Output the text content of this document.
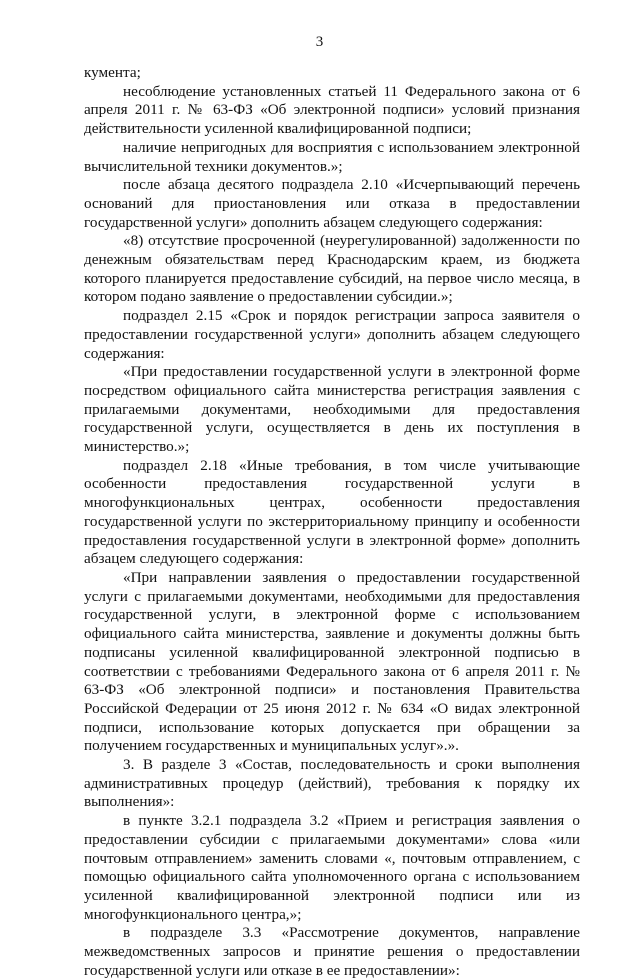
3

кумента;

несоблюдение установленных статьей 11 Федерального закона от 6 апреля 2011 г. № 63-ФЗ «Об электронной подписи» условий признания действительности усиленной квалифицированной подписи;

наличие непригодных для восприятия с использованием электронной вычислительной техники документов.»;

после абзаца десятого подраздела 2.10 «Исчерпывающий перечень оснований для приостановления или отказа в предоставлении государственной услуги» дополнить абзацем следующего содержания:

«8) отсутствие просроченной (неурегулированной) задолженности по денежным обязательствам перед Краснодарским краем, из бюджета которого планируется предоставление субсидий, на первое число месяца, в котором подано заявление о предоставлении субсидии.»;

подраздел 2.15 «Срок и порядок регистрации запроса заявителя о предоставлении государственной услуги» дополнить абзацем следующего содержания:

«При предоставлении государственной услуги в электронной форме посредством официального сайта министерства регистрация заявления с прилагаемыми документами, необходимыми для предоставления государственной услуги, осуществляется в день их поступления в министерство.»;

подраздел 2.18 «Иные требования, в том числе учитывающие особенности предоставления государственной услуги в многофункциональных центрах, особенности предоставления государственной услуги по экстерриториальному принципу и особенности предоставления государственной услуги в электронной форме» дополнить абзацем следующего содержания:

«При направлении заявления о предоставлении государственной услуги с прилагаемыми документами, необходимыми для предоставления государственной услуги, в электронной форме с использованием официального сайта министерства, заявление и документы должны быть подписаны усиленной квалифицированной электронной подписью в соответствии с требованиями Федерального закона от 6 апреля 2011 г. № 63-ФЗ «Об электронной подписи» и постановления Правительства Российской Федерации от 25 июня 2012 г. № 634 «О видах электронной подписи, использование которых допускается при обращении за получением государственных и муниципальных услуг».».

3. В разделе 3 «Состав, последовательность и сроки выполнения административных процедур (действий), требования к порядку их выполнения»:

в пункте 3.2.1 подраздела 3.2 «Прием и регистрация заявления о предоставлении субсидии с прилагаемыми документами» слова «или почтовым отправлением» заменить словами «, почтовым отправлением, с помощью официального сайта уполномоченного органа с использованием усиленной квалифицированной электронной подписи или из многофункционального центра,»;

в подразделе 3.3 «Рассмотрение документов, направление межведомственных запросов и принятие решения о предоставлении государственной услуги или отказе в ее предоставлении»:
